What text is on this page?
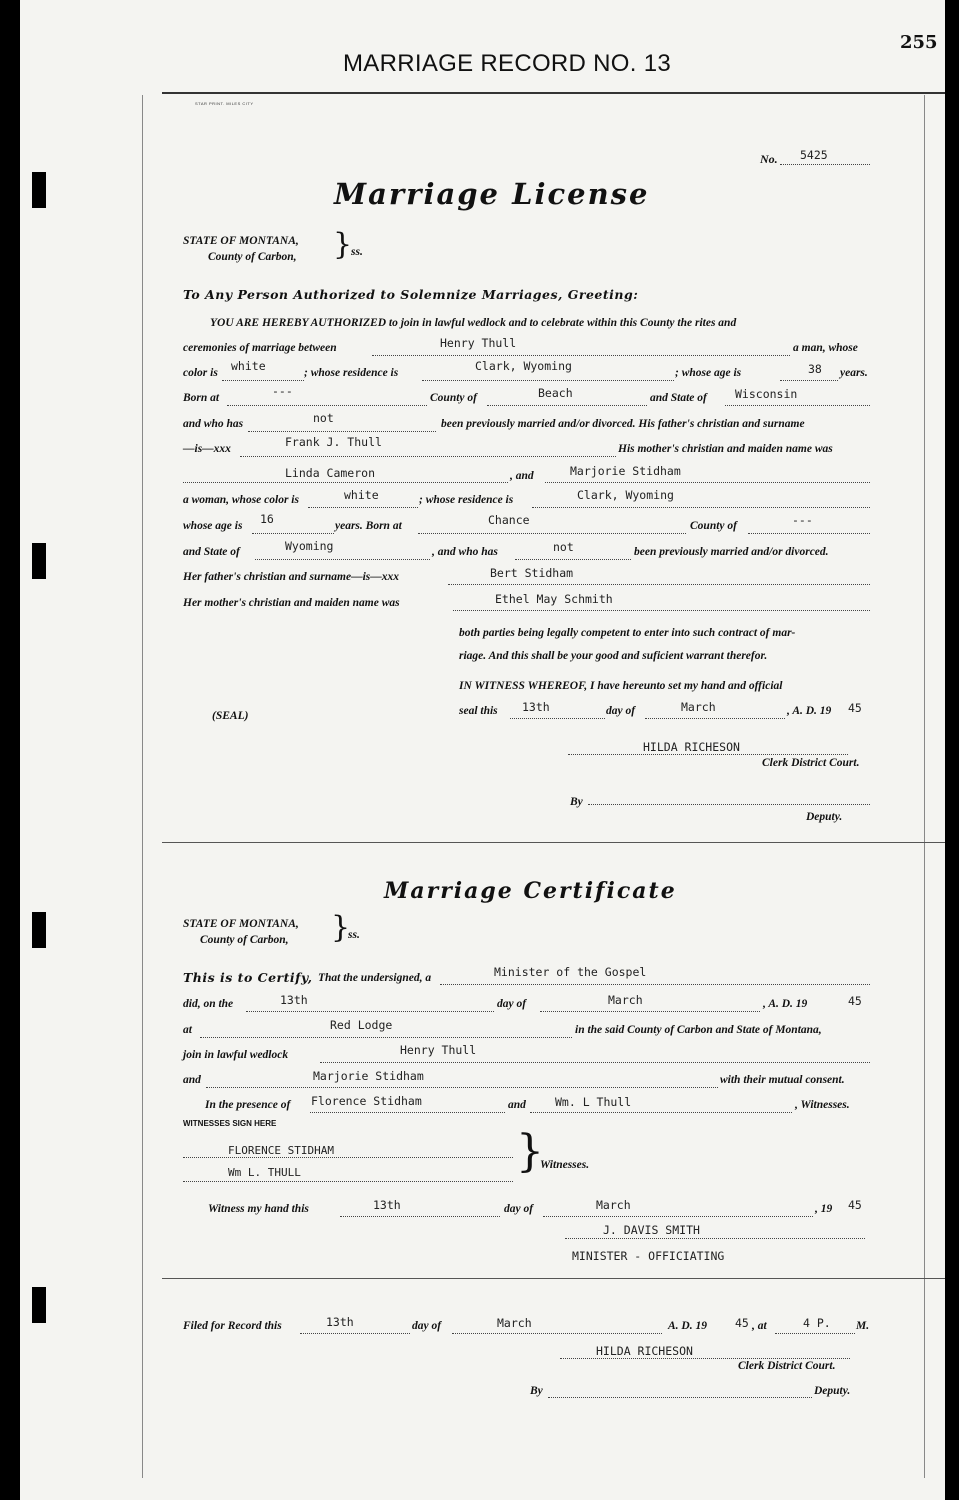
MARRIAGE RECORD NO. 13
255
STAR PRINT. MILES CITY
No. 5425
Marriage License
STATE OF MONTANA,
County of Carbon, }
ss.
To Any Person Authorized to Solemnize Marriages, Greeting:
YOU ARE HEREBY AUTHORIZED to join in lawful wedlock and to celebrate within this County the rites and
ceremonies of marriage between	Henry Thull	a man, whose
color is white	; whose residence is	Clark, Wyoming	; whose age is	38 years.
Born at	---	County of	Beach	and State of Wisconsin
and who has	not	been previously married and/or divorced. His father's christian and surname
—is—xxx	Frank J. Thull	His mother's christian and maiden name was
Linda Cameron	, and	Marjorie Stidham
a woman, whose color is	white	; whose residence is	Clark, Wyoming
whose age is 16	years. Born at	Chance	County of	---
and State of	Wyoming	, and who has	not	been previously married and/or divorced.
Her father's christian and surname—is—xxx	Bert Stidham
Her mother's christian and maiden name was	Ethel May Schmith
both parties being legally competent to enter into such contract of mar-
riage. And this shall be your good and suficient warrant therefor.
IN WITNESS WHEREOF, I have hereunto set my hand and official
(SEAL)	seal this 13th	day of	March	, A. D. 19 45
HILDA RICHESON
Clerk District Court.
By
Deputy.
Marriage Certificate
STATE OF MONTANA,
County of Carbon, }
ss.
This is to Certify, That the undersigned, a	Minister of the Gospel
did, on the	13th	day of	March	, A. D. 19	45
at	Red Lodge	in the said County of Carbon and State of Montana,
join in lawful wedlock	Henry Thull
and	Marjorie Stidham	with their mutual consent.
In the presence of Florence Stidham	and	Wm. L Thull	, Witnesses.
WITNESSES SIGN HERE
FLORENCE STIDHAM
Wm L. THULL	}
Witnesses.
Witness my hand this	13th	day of	March	, 19 45
J. DAVIS SMITH
MINISTER - OFFICIATING
Filed for Record this	13th	day of	March	A. D. 19 45 , at	4 P. M.
HILDA RICHESON
Clerk District Court.
By	Deputy.
